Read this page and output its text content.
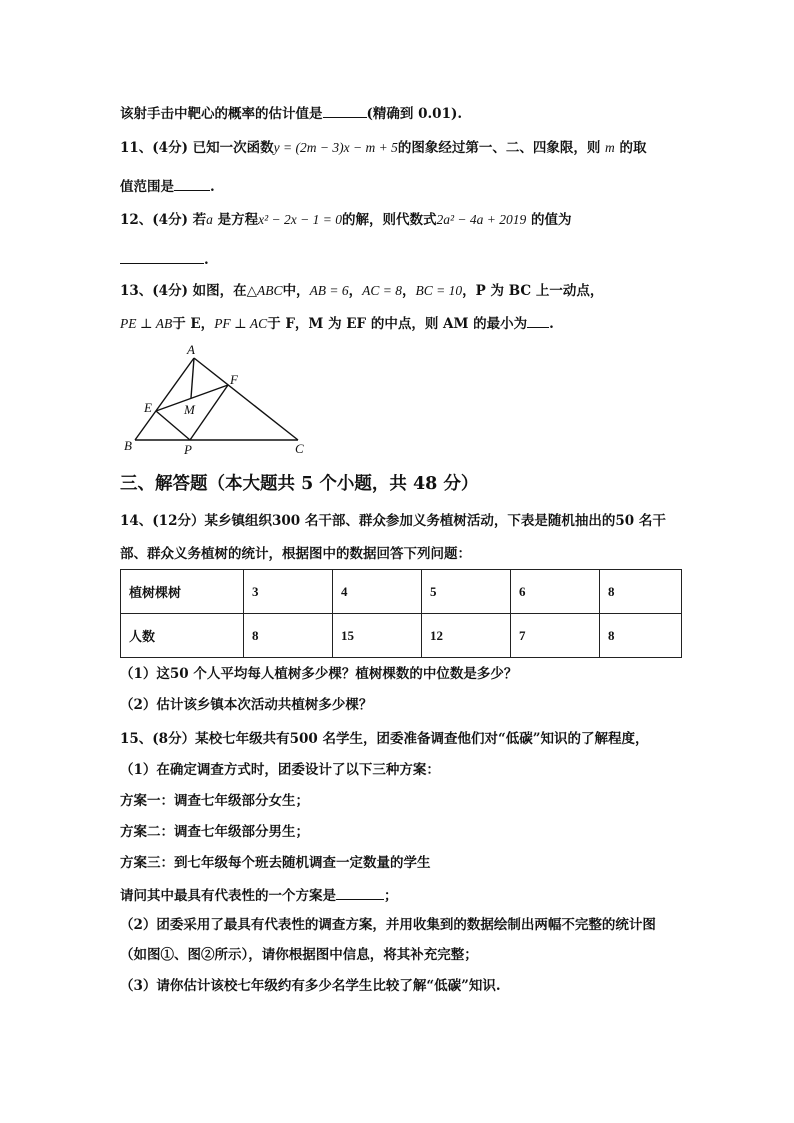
该射手击中靶心的概率的估计值是	(精确到 0.01).
11、(4分) 已知一次函数y = (2m − 3)x − m + 5的图象经过第一、二、四象限，则 m 的取
值范围是	.
12、(4分) 若a 是方程x² − 2x − 1 = 0的解，则代数式2a² − 4a + 2019 的值为
.
13、(4分) 如图，在△ABC中，AB = 6，AC = 8，BC = 10，P 为 BC 上一动点，
PE ⊥ AB于 E，PF ⊥ AC于 F，M 为 EF 的中点，则 AM 的最小为 .
A
F
E M
B	P	C
三、解答题（本大题共 5 个小题，共 48 分）
14、(12分）某乡镇组织300 名干部、群众参加义务植树活动，下表是随机抽出的50 名干
部、群众义务植树的统计，根据图中的数据回答下列问题：
植树棵树	3	4	5	6	8
人数	8	15	12	7	8
（1）这50 个人平均每人植树多少棵？植树棵数的中位数是多少？
（2）估计该乡镇本次活动共植树多少棵？
15、(8分）某校七年级共有500 名学生，团委准备调查他们对“低碳”知识的了解程度，
（1）在确定调查方式时，团委设计了以下三种方案：
方案一：调查七年级部分女生；
方案二：调查七年级部分男生；
方案三：到七年级每个班去随机调查一定数量的学生
请问其中最具有代表性的一个方案是	；
（2）团委采用了最具有代表性的调查方案，并用收集到的数据绘制出两幅不完整的统计图
（如图①、图②所示），请你根据图中信息，将其补充完整；
（3）请你估计该校七年级约有多少名学生比较了解“低碳”知识.
